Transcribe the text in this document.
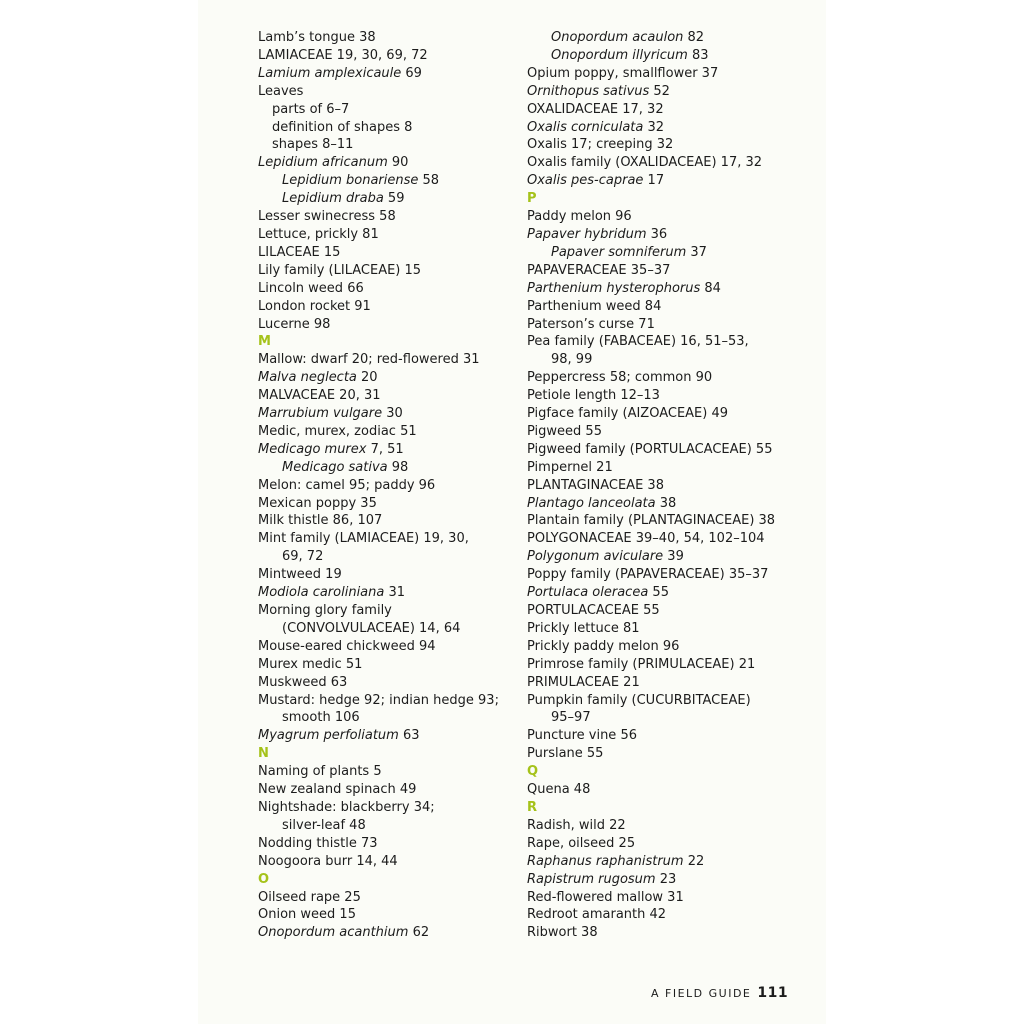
Lamb’s tongue 38
LAMIACEAE 19, 30, 69, 72
Lamium amplexicaule 69
Leaves
parts of 6–7
definition of shapes 8
shapes 8–11
Lepidium africanum 90
Lepidium bonariense 58
Lepidium draba 59
Lesser swinecress 58
Lettuce, prickly 81
LILACEAE 15
Lily family (LILACEAE) 15
Lincoln weed 66
London rocket 91
Lucerne 98
M
Mallow: dwarf 20; red-flowered 31
Malva neglecta 20
MALVACEAE 20, 31
Marrubium vulgare 30
Medic, murex, zodiac 51
Medicago murex 7, 51
Medicago sativa 98
Melon: camel 95; paddy 96
Mexican poppy 35
Milk thistle 86, 107
Mint family (LAMIACEAE) 19, 30,
69, 72
Mintweed 19
Modiola caroliniana 31
Morning glory family
(CONVOLVULACEAE) 14, 64
Mouse-eared chickweed 94
Murex medic 51
Muskweed 63
Mustard: hedge 92; indian hedge 93;
smooth 106
Myagrum perfoliatum 63
N
Naming of plants 5
New zealand spinach 49
Nightshade: blackberry 34;
silver-leaf 48
Nodding thistle 73
Noogoora burr 14, 44
O
Oilseed rape 25
Onion weed 15
Onopordum acanthium 62
Onopordum acaulon 82
Onopordum illyricum 83
Opium poppy, smallflower 37
Ornithopus sativus 52
OXALIDACEAE 17, 32
Oxalis corniculata 32
Oxalis 17; creeping 32
Oxalis family (OXALIDACEAE) 17, 32
Oxalis pes-caprae 17
P
Paddy melon 96
Papaver hybridum 36
Papaver somniferum 37
PAPAVERACEAE 35–37
Parthenium hysterophorus 84
Parthenium weed 84
Paterson’s curse 71
Pea family (FABACEAE) 16, 51–53,
98, 99
Peppercress 58; common 90
Petiole length 12–13
Pigface family (AIZOACEAE) 49
Pigweed 55
Pigweed family (PORTULACACEAE) 55
Pimpernel 21
PLANTAGINACEAE 38
Plantago lanceolata 38
Plantain family (PLANTAGINACEAE) 38
POLYGONACEAE 39–40, 54, 102–104
Polygonum aviculare 39
Poppy family (PAPAVERACEAE) 35–37
Portulaca oleracea 55
PORTULACACEAE 55
Prickly lettuce 81
Prickly paddy melon 96
Primrose family (PRIMULACEAE) 21
PRIMULACEAE 21
Pumpkin family (CUCURBITACEAE)
95–97
Puncture vine 56
Purslane 55
Q
Quena 48
R
Radish, wild 22
Rape, oilseed 25
Raphanus raphanistrum 22
Rapistrum rugosum 23
Red-flowered mallow 31
Redroot amaranth 42
Ribwort 38
A FIELD GUIDE 111
